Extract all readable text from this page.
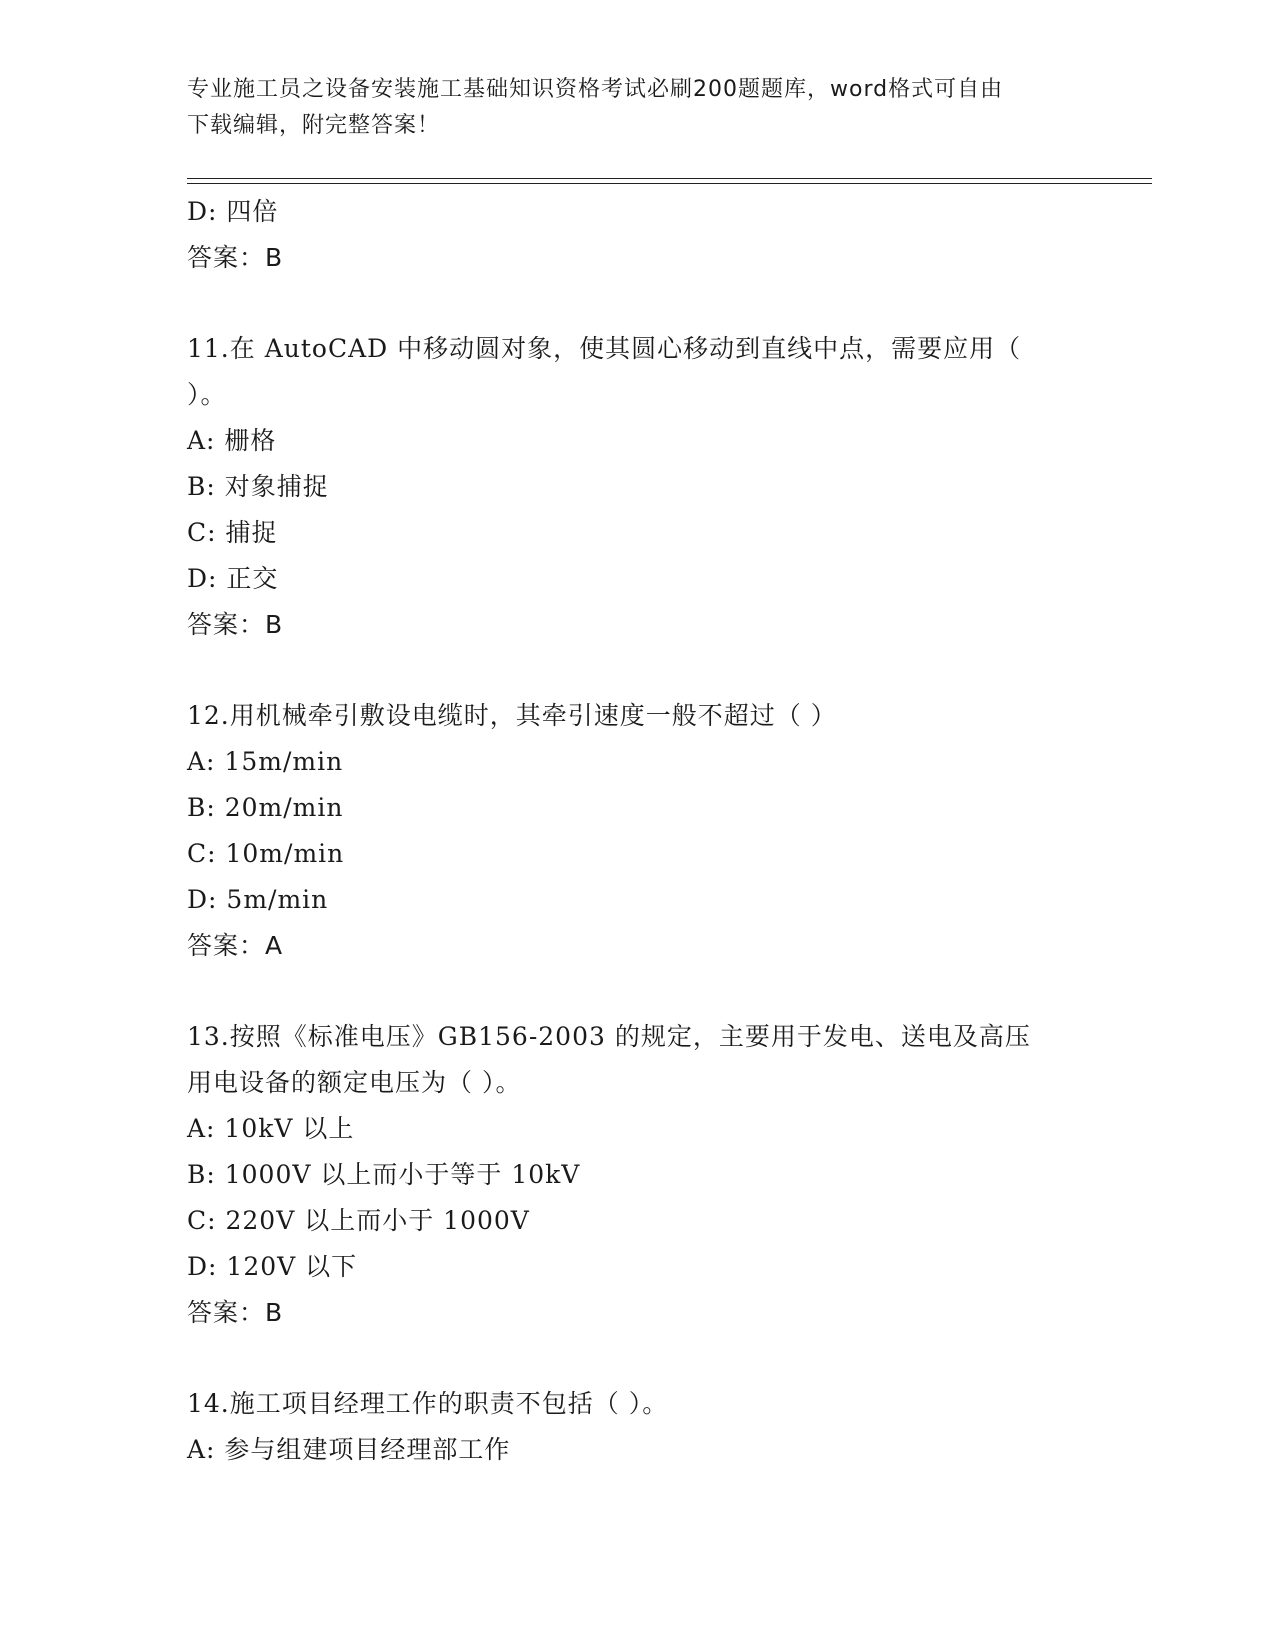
专业施工员之设备安装施工基础知识资格考试必刷200题题库，word格式可自由
下载编辑，附完整答案！
D: 四倍
答案：B
11.在 AutoCAD 中移动圆对象，使其圆心移动到直线中点，需要应用（
）。
A: 栅格
B: 对象捕捉
C: 捕捉
D: 正交
答案：B
12.用机械牵引敷设电缆时，其牵引速度一般不超过（ ）
A: 15m/min
B: 20m/min
C: 10m/min
D: 5m/min
答案：A
13.按照《标准电压》GB156-2003 的规定，主要用于发电、送电及高压
用电设备的额定电压为（ ）。
A: 10kV 以上
B: 1000V 以上而小于等于 10kV
C: 220V 以上而小于 1000V
D: 120V 以下
答案：B
14.施工项目经理工作的职责不包括（ ）。
A: 参与组建项目经理部工作
